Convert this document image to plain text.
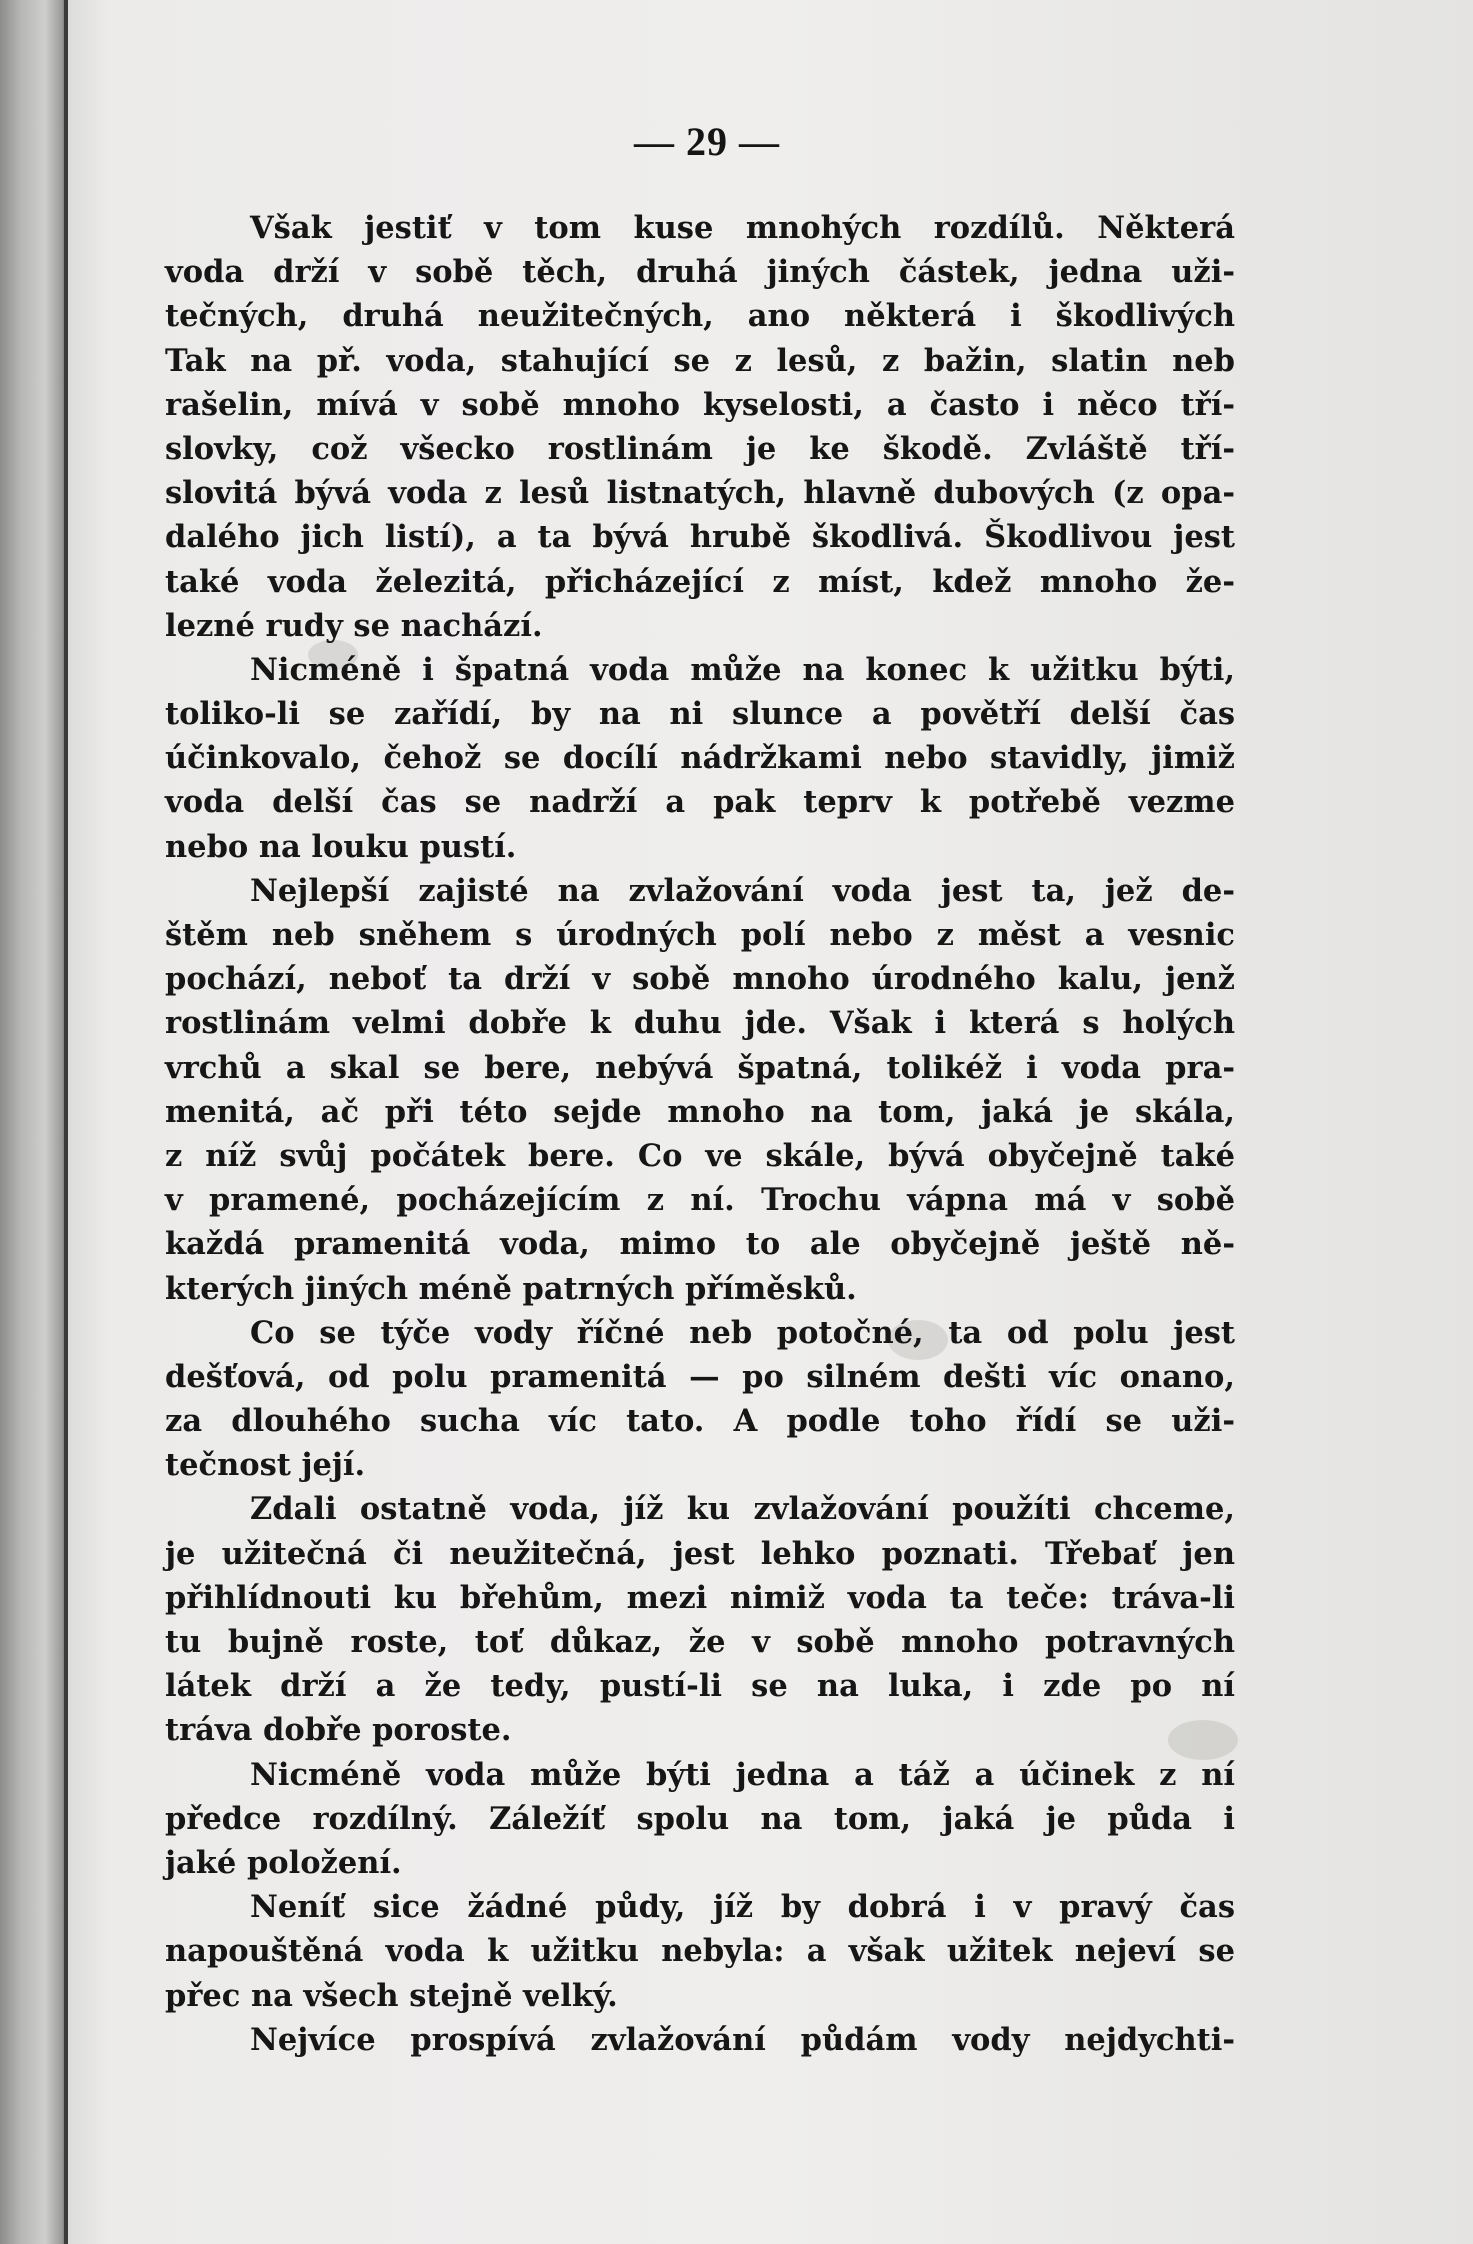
— 29 —
Však jestiť v tom kuse mnohých rozdílů. Některá
voda drží v sobě těch, druhá jiných částek, jedna uži-
tečných, druhá neužitečných, ano některá i škodlivých
Tak na př. voda, stahující se z lesů, z bažin, slatin neb
rašelin, mívá v sobě mnoho kyselosti, a často i něco tří-
slovky, což všecko rostlinám je ke škodě. Zvláště tří-
slovitá bývá voda z lesů listnatých, hlavně dubových (z opa-
dalého jich listí), a ta bývá hrubě škodlivá. Škodlivou jest
také voda železitá, přicházející z míst, kdež mnoho že-
lezné rudy se nachází.
Nicméně i špatná voda může na konec k užitku býti,
toliko-li se zařídí, by na ni slunce a povětří delší čas
účinkovalo, čehož se docílí nádržkami nebo stavidly, jimiž
voda delší čas se nadrží a pak teprv k potřebě vezme
nebo na louku pustí.
Nejlepší zajisté na zvlažování voda jest ta, jež de-
štěm neb sněhem s úrodných polí nebo z měst a vesnic
pochází, neboť ta drží v sobě mnoho úrodného kalu, jenž
rostlinám velmi dobře k duhu jde. Však i která s holých
vrchů a skal se bere, nebývá špatná, tolikéž i voda pra-
menitá, ač při této sejde mnoho na tom, jaká je skála,
z níž svůj počátek bere. Co ve skále, bývá obyčejně také
v pramené, pocházejícím z ní. Trochu vápna má v sobě
každá pramenitá voda, mimo to ale obyčejně ještě ně-
kterých jiných méně patrných příměsků.
Co se týče vody říčné neb potočné, ta od polu jest
dešťová, od polu pramenitá — po silném dešti víc onano,
za dlouhého sucha víc tato. A podle toho řídí se uži-
tečnost její.
Zdali ostatně voda, jíž ku zvlažování použíti chceme,
je užitečná či neužitečná, jest lehko poznati. Třebať jen
přihlídnouti ku břehům, mezi nimiž voda ta teče: tráva-li
tu bujně roste, toť důkaz, že v sobě mnoho potravných
látek drží a že tedy, pustí-li se na luka, i zde po ní
tráva dobře poroste.
Nicméně voda může býti jedna a táž a účinek z ní
předce rozdílný. Záležíť spolu na tom, jaká je půda i
jaké položení.
Neníť sice žádné půdy, jíž by dobrá i v pravý čas
napouštěná voda k užitku nebyla: a však užitek nejeví se
přec na všech stejně velký.
Nejvíce prospívá zvlažování půdám vody nejdychti-
